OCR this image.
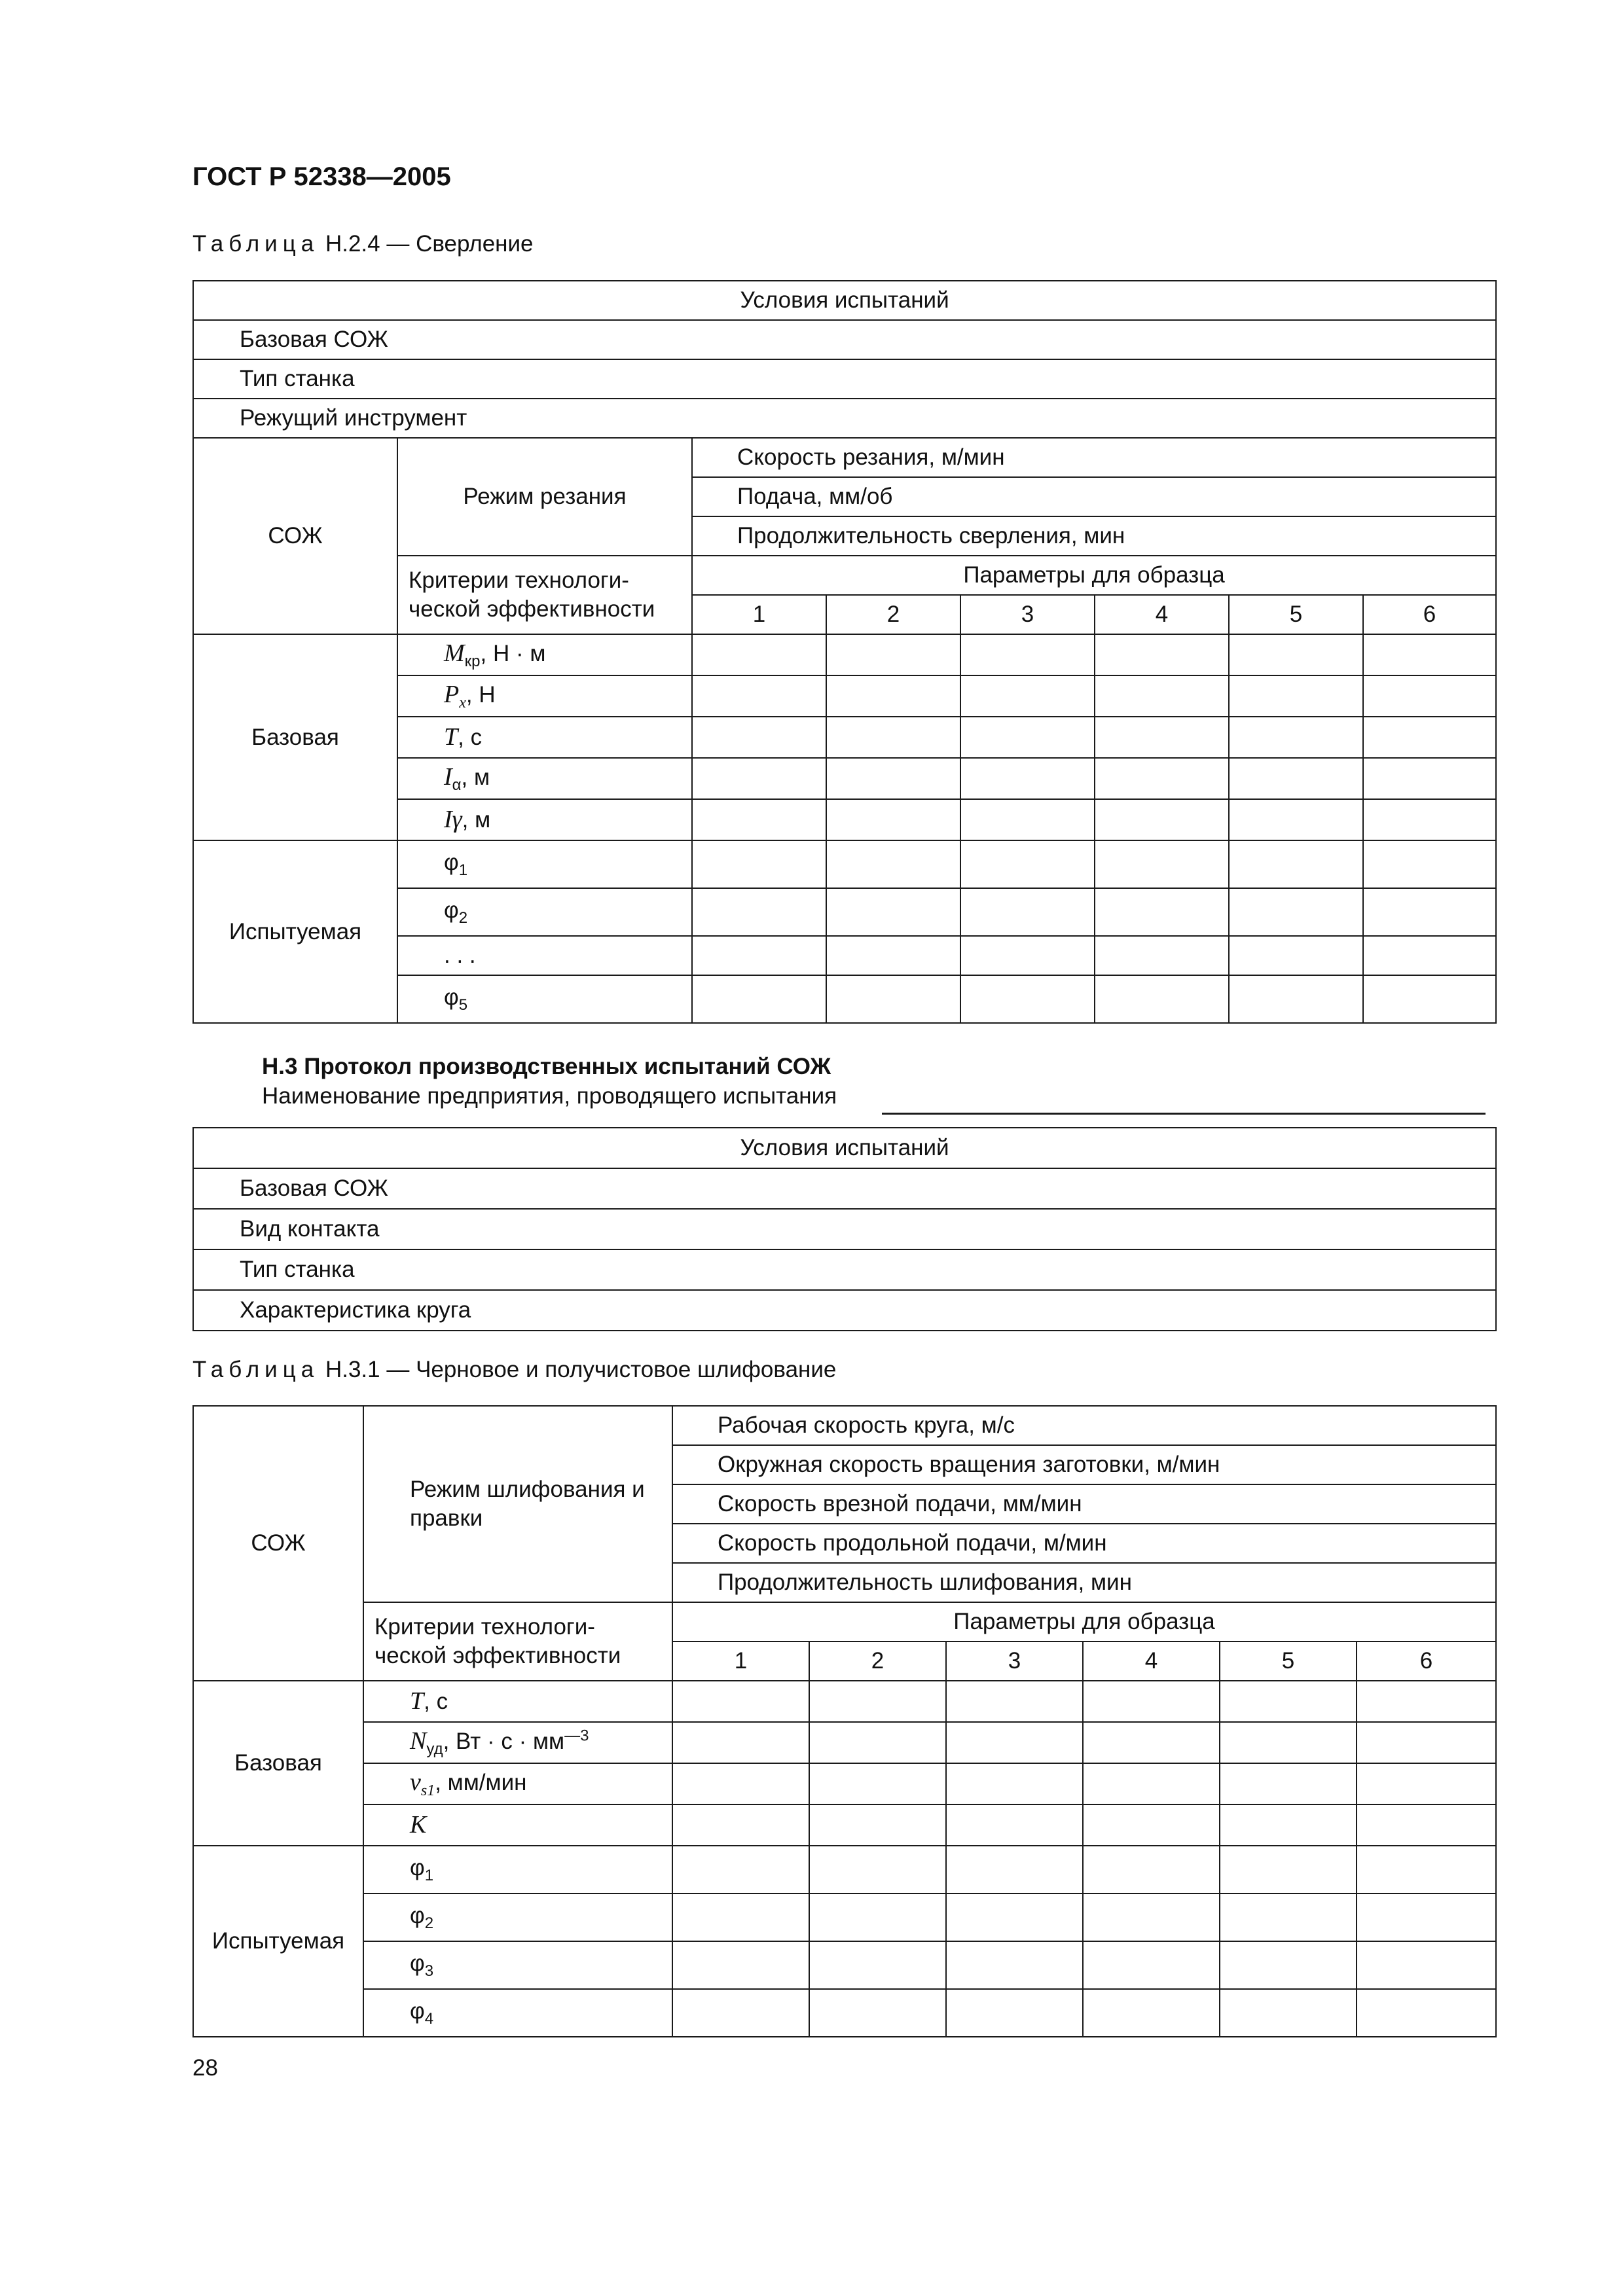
ГОСТ Р 52338—2005
Таблица Н.2.4 — Сверление
Условия испытаний							
Базовая СОЖ							
Тип станка							
Режущий инструмент							
СОЖ	Режим резания	Скорость резания, м/мин					
		Подача, мм/об					
		Продолжительность сверления, мин					
	Критерии технологи-ческой эффективности	Параметры для образца					
		1	2	3	4	5	6
Базовая	$M_{кр}$, Н · м						
	$P_x$, Н						
	T, с						
	$I_\alpha$, м						
	Iγ, м						
Испытуемая	$\varphi_1$						
	$\varphi_2$						
	. . .						
	$\varphi_5$						
Н.3 Протокол производственных испытаний СОЖ
Наименование предприятия, проводящего испытания
Условия испытаний
Базовая СОЖ
Вид контакта
Тип станка
Характеристика круга
Таблица Н.3.1 — Черновое и получистовое шлифование
СОЖ	Режим шлифования и правки	Рабочая скорость круга, м/с					
		Окружная скорость вращения заготовки, м/мин					
		Скорость врезной подачи, мм/мин					
		Скорость продольной подачи, м/мин					
		Продолжительность шлифования, мин					
	Критерии технологи-ческой эффективности	Параметры для образца					
		1	2	3	4	5	6
Базовая	T, с						
	$N_{уд}$, Вт · $с \cdot мм^{—3}$						
	$v_{s1}$, мм/мин						
	K						
Испытуемая	$\varphi_1$						
	$\varphi_2$						
	$\varphi_3$						
	$\varphi_4$						
28
